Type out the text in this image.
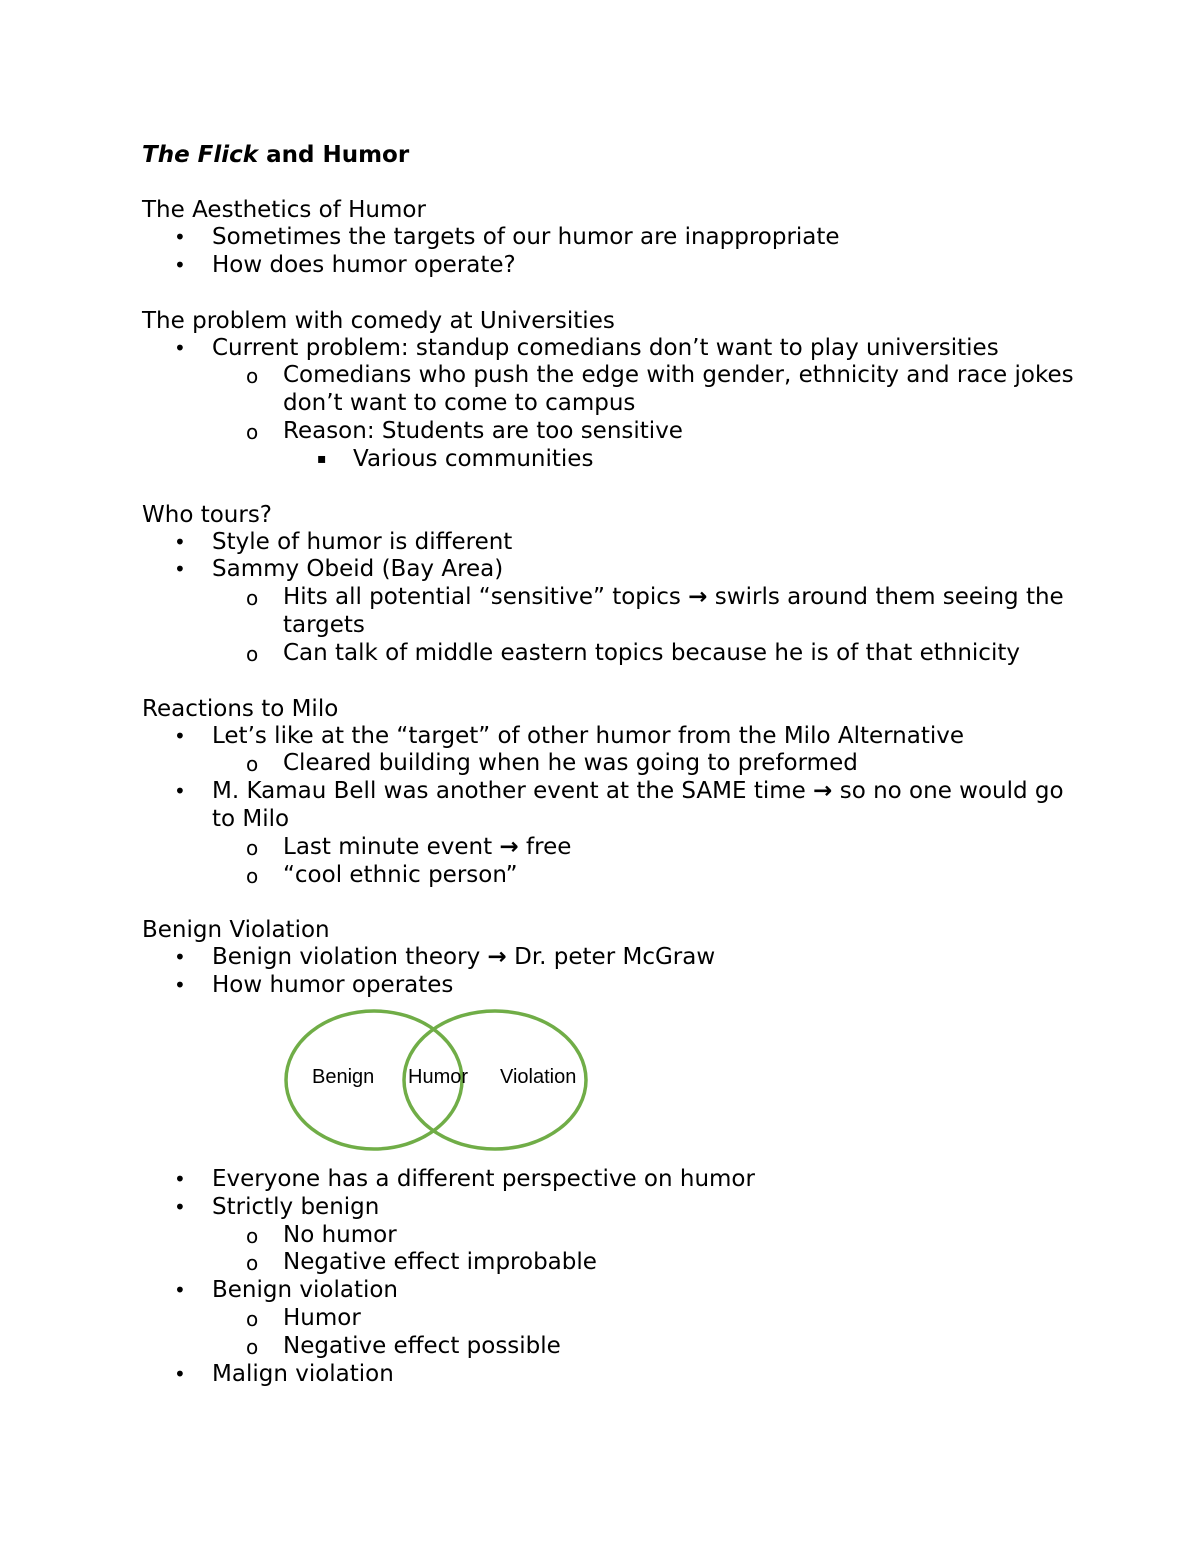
The Flick and Humor

The Aesthetics of Humor

• Sometimes the targets of our humor are inappropriate
• How does humor operate?

The problem with comedy at Universities

• Current problem: standup comedians don’t want to play universities
o Comedians who push the edge with gender, ethnicity and race jokes don’t want to come to campus
o Reason: Students are too sensitive
▪ Various communities

Who tours?

• Style of humor is different
• Sammy Obeid (Bay Area)
o Hits all potential “sensitive” topics → swirls around them seeing the targets
o Can talk of middle eastern topics because he is of that ethnicity

Reactions to Milo

• Let’s like at the “target” of other humor from the Milo Alternative
o Cleared building when he was going to preformed
• M. Kamau Bell was another event at the SAME time → so no one would go to Milo
o Last minute event → free
o “cool ethnic person”

Benign Violation

• Benign violation theory → Dr. peter McGraw
• How humor operates
Benign Humor Violation
• Everyone has a different perspective on humor
• Strictly benign
o No humor
o Negative effect improbable
• Benign violation
o Humor
o Negative effect possible
• Malign violation
